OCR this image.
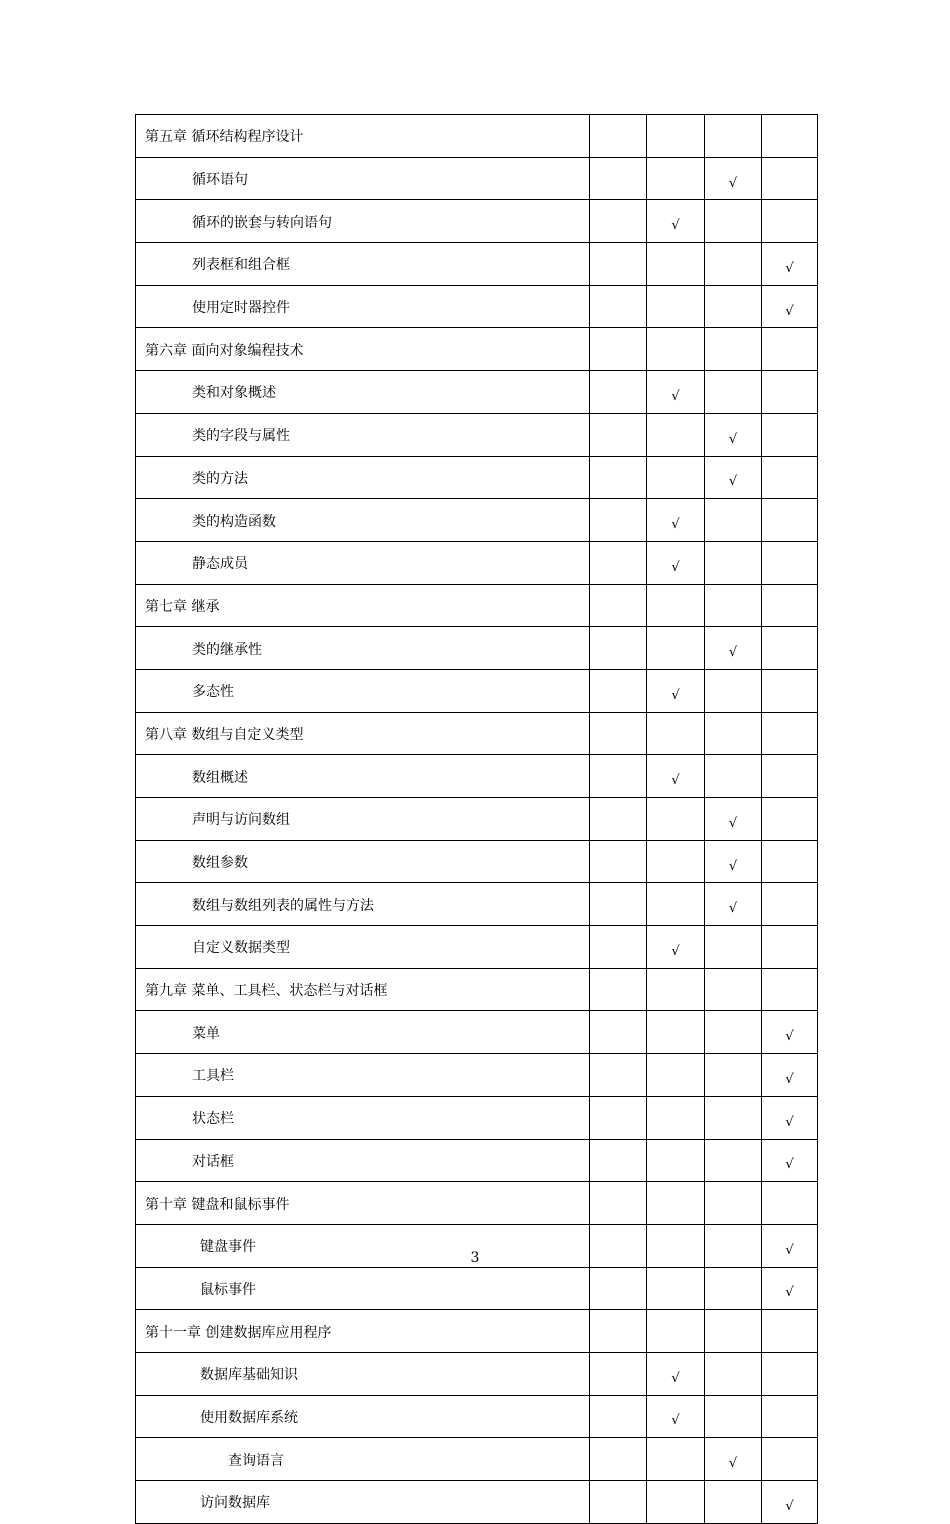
第五章 循环结构程序设计				
循环语句			√	
循环的嵌套与转向语句		√		
列表框和组合框				√
使用定时器控件				√
第六章 面向对象编程技术				
类和对象概述		√		
类的字段与属性			√	
类的方法			√	
类的构造函数		√		
静态成员		√		
第七章 继承				
类的继承性			√	
多态性		√		
第八章 数组与自定义类型				
数组概述		√		
声明与访问数组			√	
数组参数			√	
数组与数组列表的属性与方法			√	
自定义数据类型		√		
第九章 菜单、工具栏、状态栏与对话框				
菜单				√
工具栏				√
状态栏				√
对话框				√
第十章 键盘和鼠标事件				
键盘事件				√
鼠标事件				√
第十一章 创建数据库应用程序				
数据库基础知识		√		
使用数据库系统		√		
查询语言			√	
访问数据库				√
3
